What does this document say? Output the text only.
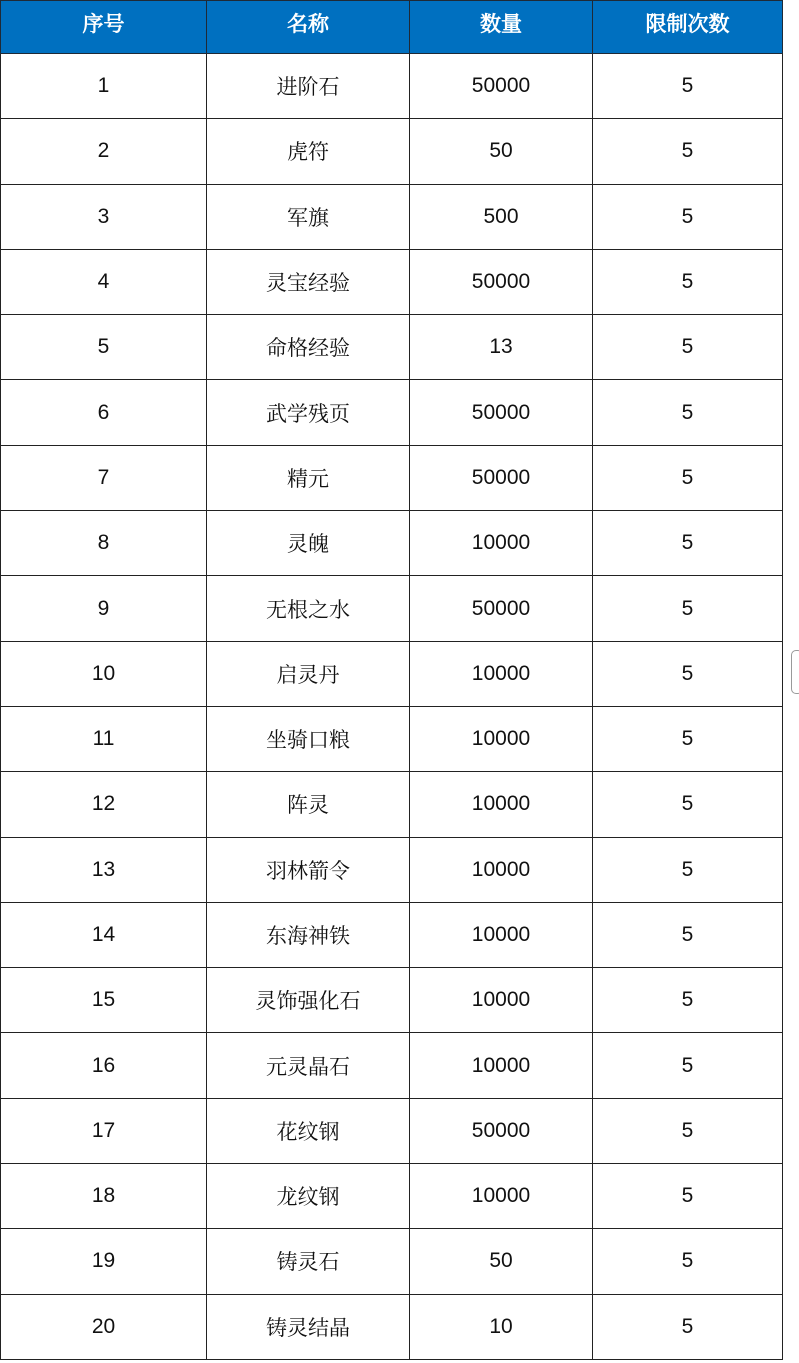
序号	名称	数量	限制次数
1	进阶石	50000	5
2	虎符	50	5
3	军旗	500	5
4	灵宝经验	50000	5
5	命格经验	13	5
6	武学残页	50000	5
7	精元	50000	5
8	灵魄	10000	5
9	无根之水	50000	5
10	启灵丹	10000	5
11	坐骑口粮	10000	5
12	阵灵	10000	5
13	羽林箭令	10000	5
14	东海神铁	10000	5
15	灵饰强化石	10000	5
16	元灵晶石	10000	5
17	花纹钢	50000	5
18	龙纹钢	10000	5
19	铸灵石	50	5
20	铸灵结晶	10	5
